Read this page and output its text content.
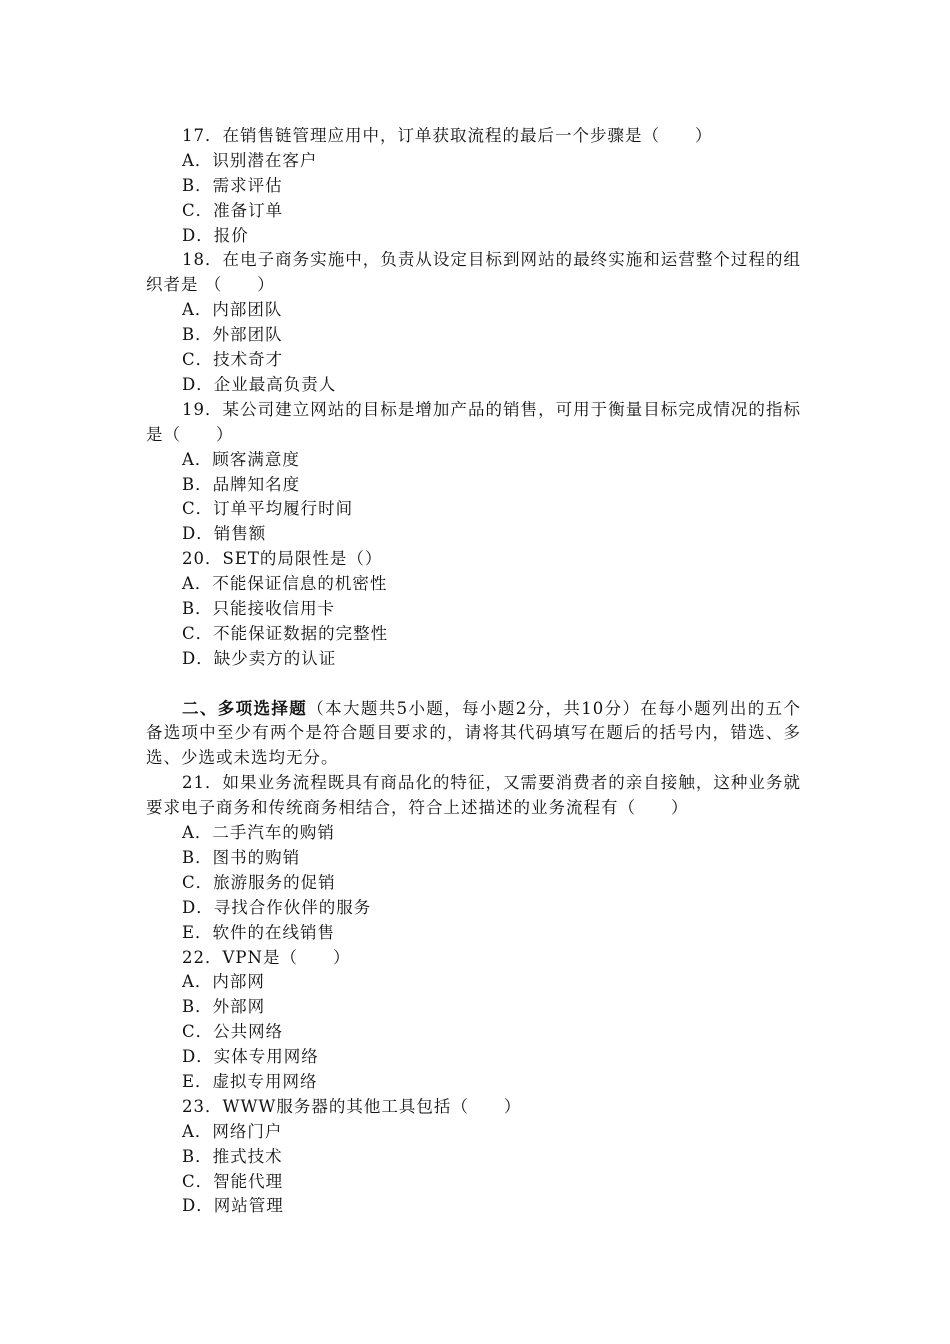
17．在销售链管理应用中，订单获取流程的最后一个步骤是（　　）
A．识别潜在客户
B．需求评估
C．准备订单
D．报价
18．在电子商务实施中，负责从设定目标到网站的最终实施和运营整个过程的组织者是 （　　）
A．内部团队
B．外部团队
C．技术奇才
D．企业最高负责人
19．某公司建立网站的目标是增加产品的销售，可用于衡量目标完成情况的指标是（　　）
A．顾客满意度
B．品牌知名度
C．订单平均履行时间
D．销售额
20．SET的局限性是（）
A．不能保证信息的机密性
B．只能接收信用卡
C．不能保证数据的完整性
D．缺少卖方的认证
二、多项选择题（本大题共5小题，每小题2分，共10分）在每小题列出的五个备选项中至少有两个是符合题目要求的，请将其代码填写在题后的括号内，错选、多选、少选或未选均无分。
21．如果业务流程既具有商品化的特征，又需要消费者的亲自接触，这种业务就要求电子商务和传统商务相结合，符合上述描述的业务流程有（　　）
A．二手汽车的购销
B．图书的购销
C．旅游服务的促销
D．寻找合作伙伴的服务
E．软件的在线销售
22．VPN是（　　）
A．内部网
B．外部网
C．公共网络
D．实体专用网络
E．虚拟专用网络
23．WWW服务器的其他工具包括（　　）
A．网络门户
B．推式技术
C．智能代理
D．网站管理
